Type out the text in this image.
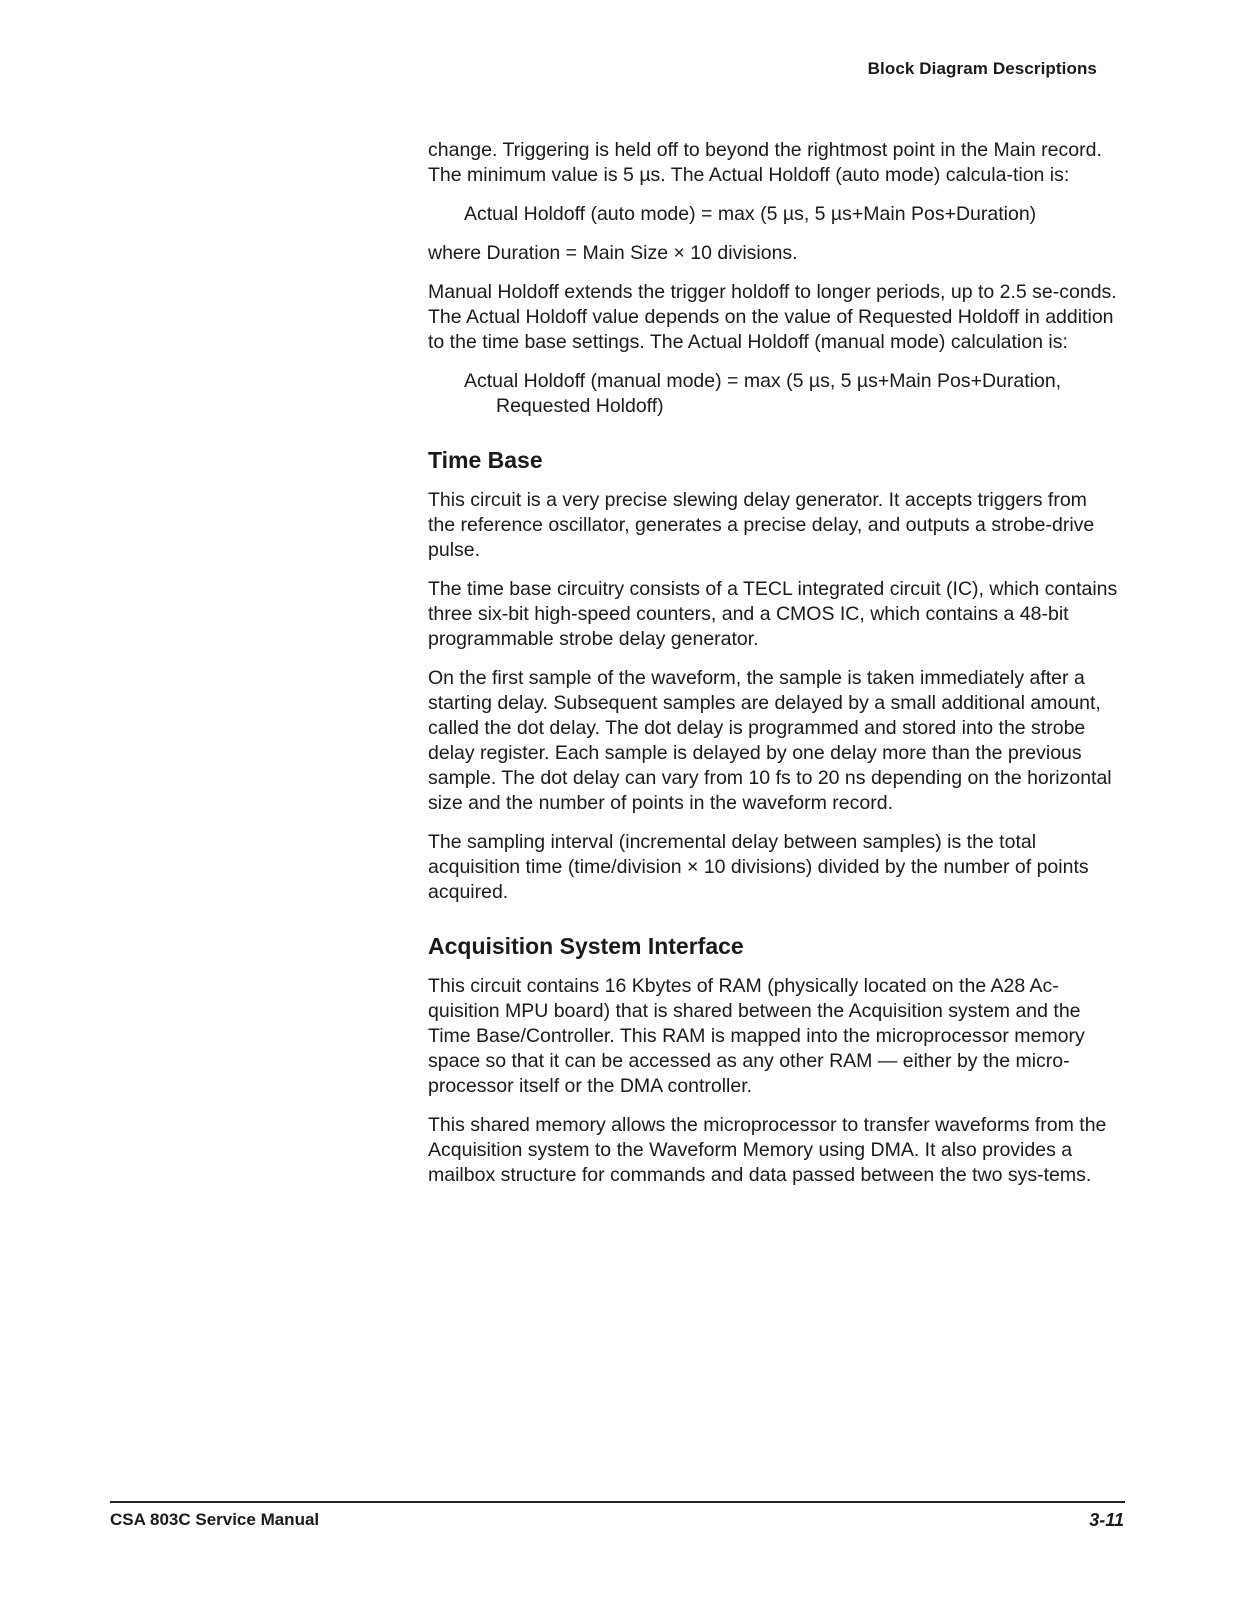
Block Diagram Descriptions

change. Triggering is held off to beyond the rightmost point in the Main record. The minimum value is 5 µs. The Actual Holdoff (auto mode) calcula-tion is:

Actual Holdoff (auto mode) = max (5 µs, 5 µs+Main Pos+Duration)

where Duration = Main Size × 10 divisions.

Manual Holdoff extends the trigger holdoff to longer periods, up to 2.5 se-conds. The Actual Holdoff value depends on the value of Requested Holdoff in addition to the time base settings. The Actual Holdoff (manual mode) calculation is:

Actual Holdoff (manual mode) = max (5 µs, 5 µs+Main Pos+Duration,
Requested Holdoff)

Time Base

This circuit is a very precise slewing delay generator. It accepts triggers from the reference oscillator, generates a precise delay, and outputs a strobe-drive pulse.

The time base circuitry consists of a TECL integrated circuit (IC), which contains three six-bit high-speed counters, and a CMOS IC, which contains a 48-bit programmable strobe delay generator.

On the first sample of the waveform, the sample is taken immediately after a starting delay. Subsequent samples are delayed by a small additional amount, called the dot delay. The dot delay is programmed and stored into the strobe delay register. Each sample is delayed by one delay more than the previous sample. The dot delay can vary from 10 fs to 20 ns depending on the horizontal size and the number of points in the waveform record.

The sampling interval (incremental delay between samples) is the total acquisition time (time/division × 10 divisions) divided by the number of points acquired.

Acquisition System Interface

This circuit contains 16 Kbytes of RAM (physically located on the A28 Ac-quisition MPU board) that is shared between the Acquisition system and the Time Base/Controller. This RAM is mapped into the microprocessor memory space so that it can be accessed as any other RAM — either by the micro-processor itself or the DMA controller.

This shared memory allows the microprocessor to transfer waveforms from the Acquisition system to the Waveform Memory using DMA. It also provides a mailbox structure for commands and data passed between the two sys-tems.

CSA 803C Service Manual	3-11
